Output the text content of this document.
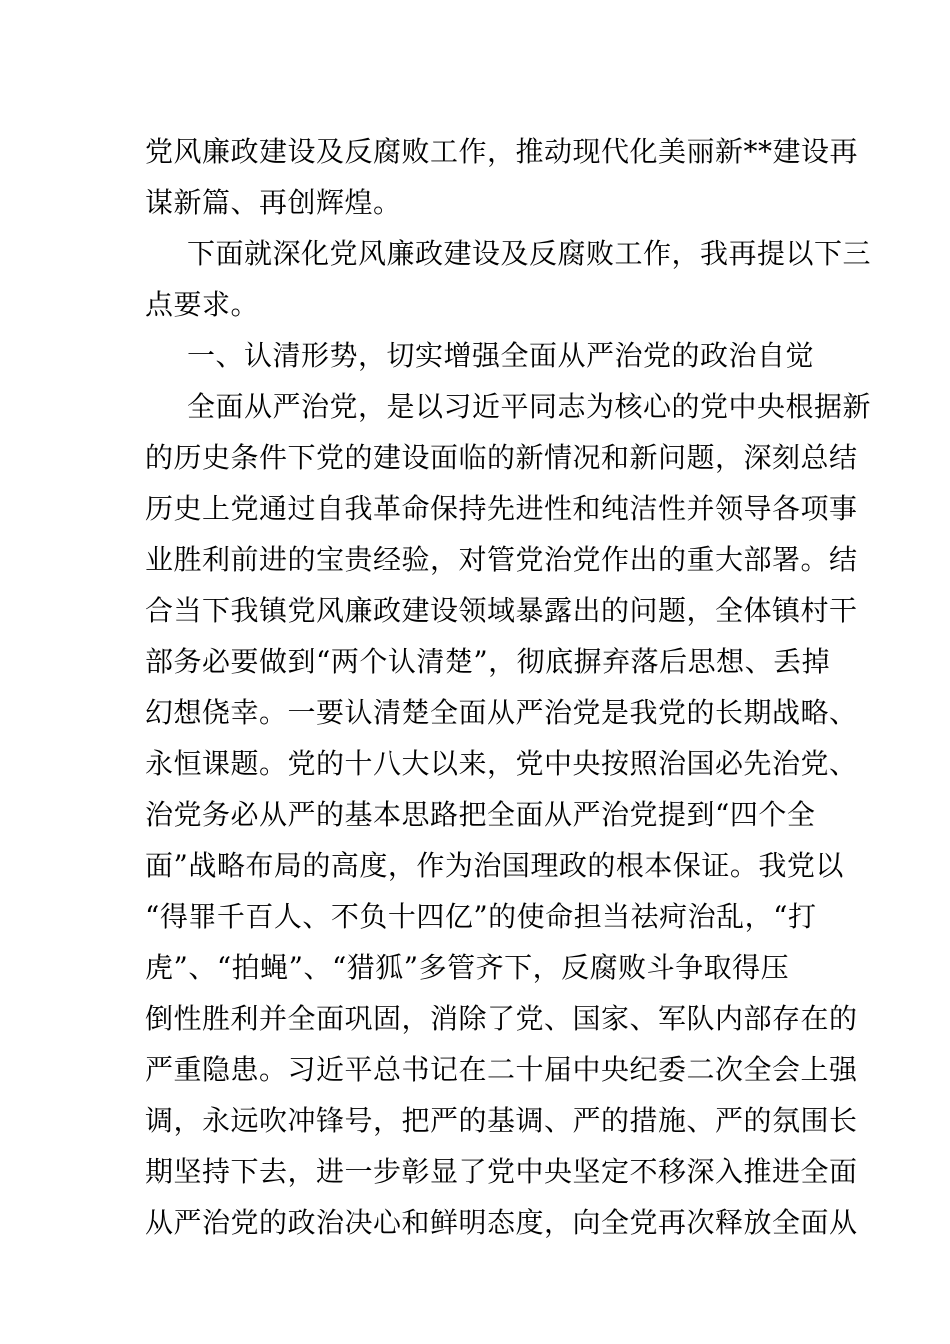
党风廉政建设及反腐败工作，推动现代化美丽新**建设再
谋新篇、再创辉煌。
下面就深化党风廉政建设及反腐败工作，我再提以下三
点要求。
一、认清形势，切实增强全面从严治党的政治自觉
全面从严治党，是以习近平同志为核心的党中央根据新
的历史条件下党的建设面临的新情况和新问题，深刻总结
历史上党通过自我革命保持先进性和纯洁性并领导各项事
业胜利前进的宝贵经验，对管党治党作出的重大部署。结
合当下我镇党风廉政建设领域暴露出的问题，全体镇村干
部务必要做到“两个认清楚”，彻底摒弃落后思想、丢掉
幻想侥幸。一要认清楚全面从严治党是我党的长期战略、
永恒课题。党的十八大以来，党中央按照治国必先治党、
治党务必从严的基本思路把全面从严治党提到“四个全
面”战略布局的高度，作为治国理政的根本保证。我党以
“得罪千百人、不负十四亿”的使命担当祛疴治乱，“打
虎”、“拍蝇”、“猎狐”多管齐下，反腐败斗争取得压
倒性胜利并全面巩固，消除了党、国家、军队内部存在的
严重隐患。习近平总书记在二十届中央纪委二次全会上强
调，永远吹冲锋号，把严的基调、严的措施、严的氛围长
期坚持下去，进一步彰显了党中央坚定不移深入推进全面
从严治党的政治决心和鲜明态度，向全党再次释放全面从
